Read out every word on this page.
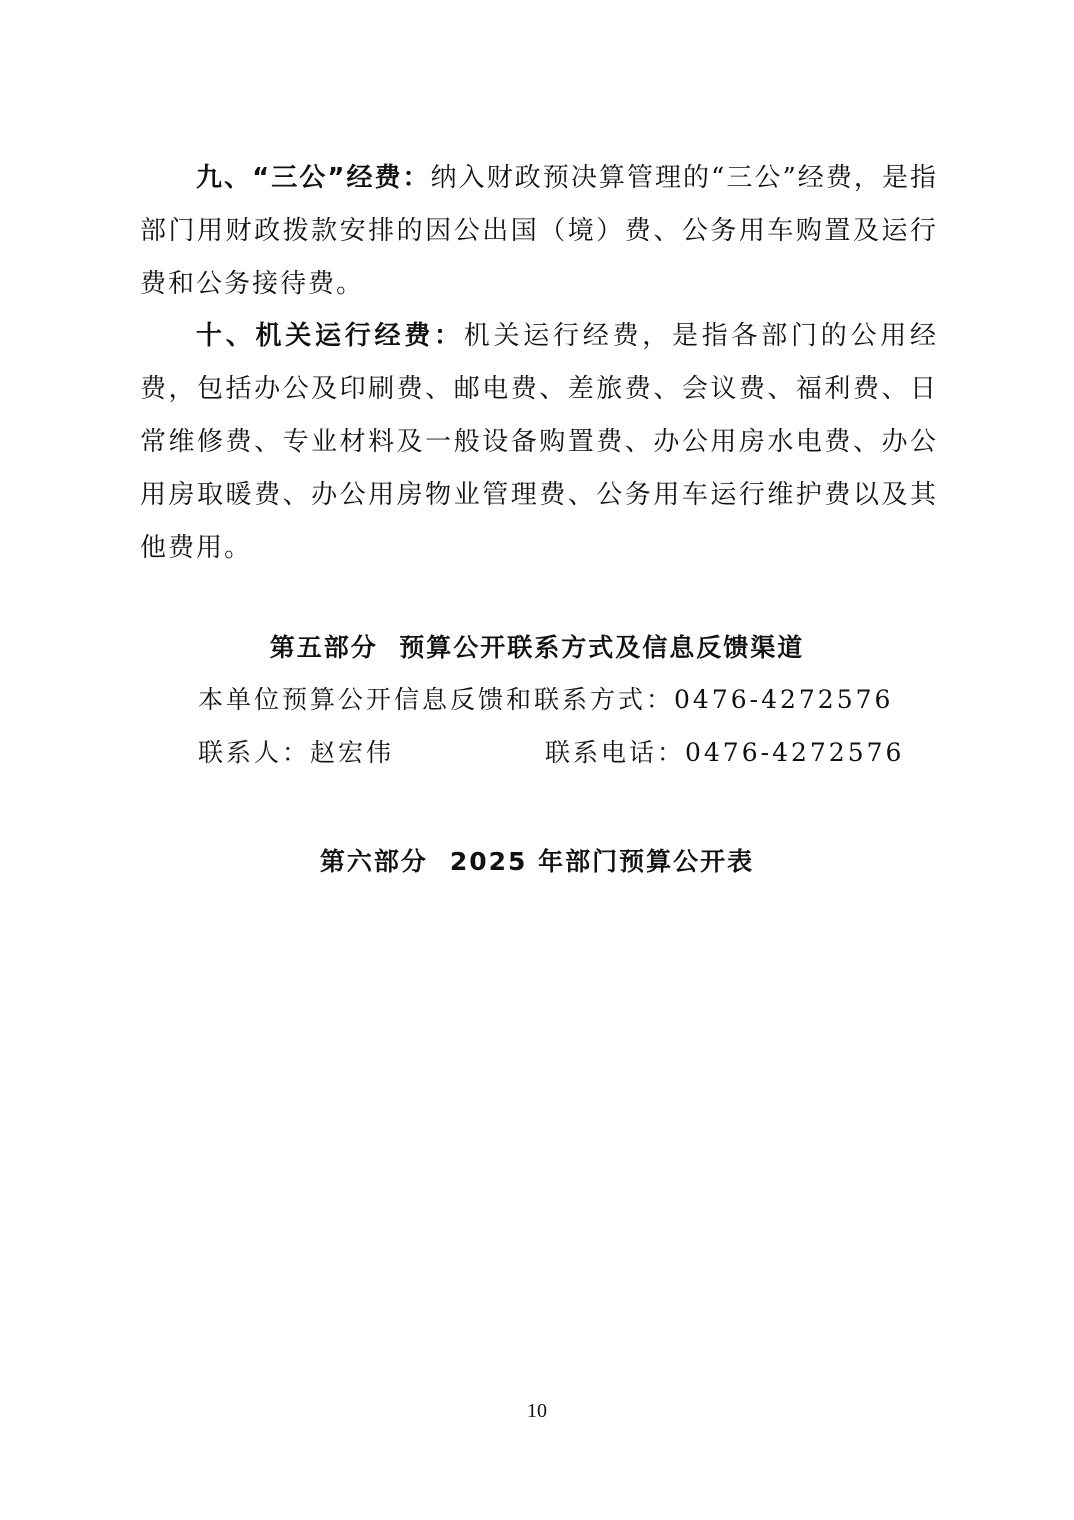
九、“三公”经费：纳入财政预决算管理的“三公”经费，是指部门用财政拨款安排的因公出国（境）费、公务用车购置及运行费和公务接待费。

十、机关运行经费：机关运行经费，是指各部门的公用经费，包括办公及印刷费、邮电费、差旅费、会议费、福利费、日常维修费、专业材料及一般设备购置费、办公用房水电费、办公用房取暖费、办公用房物业管理费、公务用车运行维护费以及其他费用。

第五部分  预算公开联系方式及信息反馈渠道

本单位预算公开信息反馈和联系方式：0476-4272576

联系人：赵宏伟	联系电话：0476-4272576

第六部分 2025 年部门预算公开表

10
